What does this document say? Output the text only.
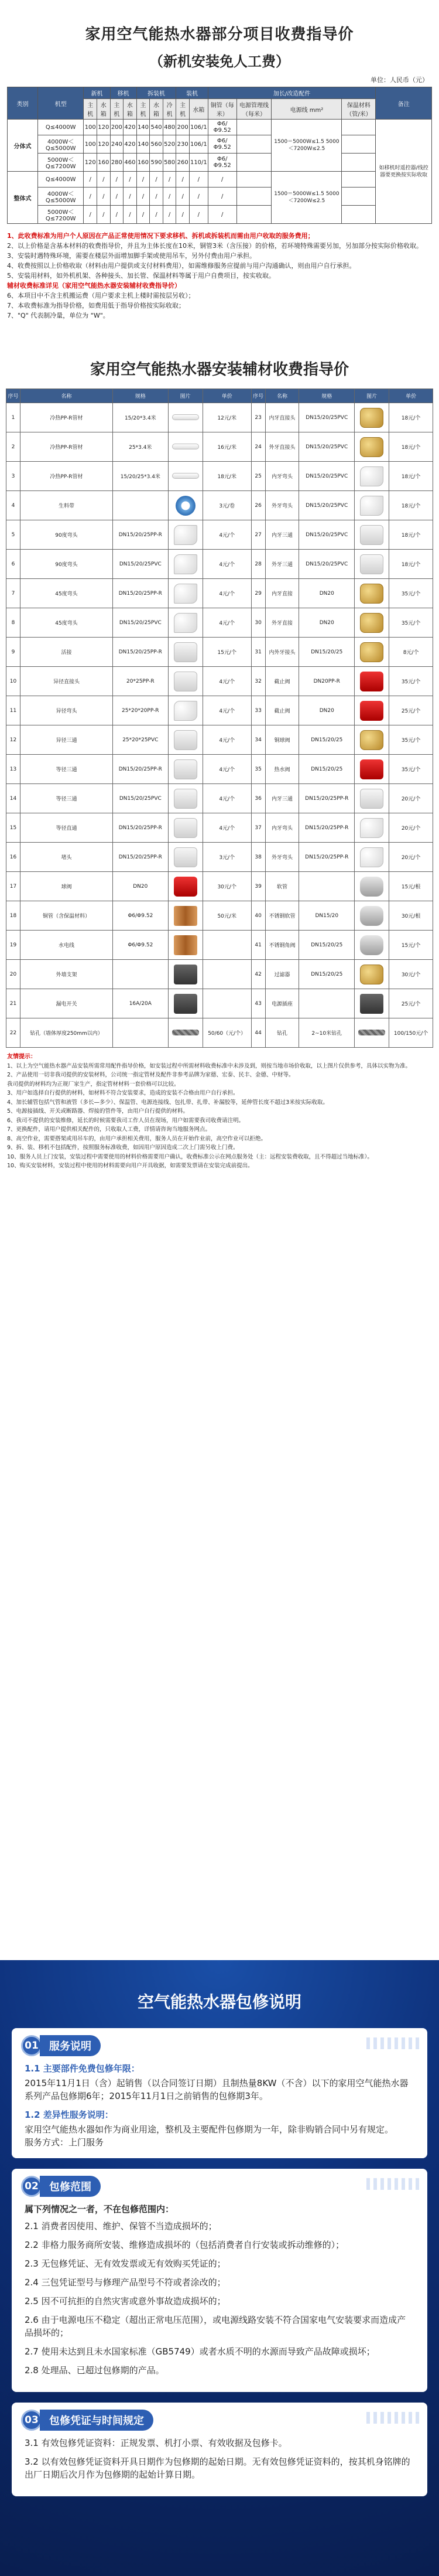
家用空气能热水器部分项目收费指导价
（新机安装免人工费）
单位：人民币（元）
类别	机型	新机		移机		拆装机			装机		加长/改造配件				备注
		主机	水箱	主机	水箱	主机	水箱	冷机	主机	水箱	铜管（每米）	电源管理线（每米）	电源线 mm²	保温材料（管/米）	
分体式	Q≤4000W	100	120	200	420	140	540	480	200	106/1	Φ6/Φ9.52		1500＝5000W≤1.5 5000＜7200W≤2.5		如移机时遥控器/线控器要更换按实际收取
	4000W＜Q≤5000W	100	120	240	420	140	560	520	230	106/1	Φ6/Φ9.52				
	5000W＜Q≤7200W	120	160	280	460	160	590	580	260	110/1	Φ6/Φ9.52				
整体式	Q≤4000W	/	/	/	/	/	/	/	/	/	/		1500＝5000W≤1.5 5000＜7200W≤2.5		
	4000W＜Q≤5000W	/	/	/	/	/	/	/	/	/	/				
	5000W＜Q≤7200W	/	/	/	/	/	/	/	/	/	/				
1、此收费标准为用户个人原因在产品正常使用情况下要求移机、拆机或拆装机而需由用户收取的服务费用；
2、以上价格是含基本材料的收费指导价，并且为主体长度在10米，铜管3米（含压接）的价格，若环境特殊需要另加，另加部分按实际价格收取。
3、安装时遇特殊环境，需要在楼层外面增加脚手架或使用吊车，另外付费由用户承担。
4、收费按照以上价格收取（材料由用户提供或支付材料费用），如需维修服务应提前与用户沟通确认，则由用户自行承担。
5、安装用材料，如外机机架、各种接头、加长管、保温材料等属于用户自费项目，按实收取。
辅材收费标准详见（家用空气能热水器安装辅材收费指导价）
6、本项目中不含主机搬运费（用户要求主机上楼时需按层另收）；
7、本收费标准为指导价格，如费用低于指导价格按实际收取；
7、"Q" 代表制冷量，单位为 "W"。
家用空气能热水器安装辅材收费指导价
序号	名称	规格	图片	单价	序号	名称	规格	图片	单价
1	冷热PP-R管材	15/20*3.4米		12元/米	23	内牙直接头	DN15/20/25PVC		18元/个
2	冷热PP-R管材	25*3.4米		16元/米	24	外牙直接头	DN15/20/25PVC		18元/个
3	冷热PP-R管材	15/20/25*3.4米		18元/米	25	内牙弯头	DN15/20/25PVC		18元/个
4	生料带			3元/卷	26	外牙弯头	DN15/20/25PVC		18元/个
5	90度弯头	DN15/20/25PP-R		4元/个	27	内牙三通	DN15/20/25PVC		18元/个
6	90度弯头	DN15/20/25PVC		4元/个	28	外牙三通	DN15/20/25PVC		18元/个
7	45度弯头	DN15/20/25PP-R		4元/个	29	内牙直接	DN20		35元/个
8	45度弯头	DN15/20/25PVC		4元/个	30	外牙直接	DN20		35元/个
9	活接	DN15/20/25PP-R		15元/个	31	内外牙接头	DN15/20/25		8元/个
10	异径直接头	20*25PP-R		4元/个	32	截止阀	DN20PP-R		35元/个
11	异径弯头	25*20*20PP-R		4元/个	33	截止阀	DN20		25元/个
12	异径三通	25*20*25PVC		4元/个	34	铜球阀	DN15/20/25		35元/个
13	等径三通	DN15/20/25PP-R		4元/个	35	热水阀	DN15/20/25		35元/个
14	等径三通	DN15/20/25PVC		4元/个	36	内牙三通	DN15/20/25PP-R		20元/个
15	等径直通	DN15/20/25PP-R		4元/个	37	内牙弯头	DN15/20/25PP-R		20元/个
16	堵头	DN15/20/25PP-R		3元/个	38	外牙弯头	DN15/20/25PP-R		20元/个
17	球阀	DN20		30元/个	39	软管			15元/根
18	铜管（含保温材料）	Φ6/Φ9.52		50元/米	40	不锈钢软管	DN15/20		30元/根
19	水电线	Φ6/Φ9.52			41	不锈钢角阀	DN15/20/25		15元/个
20	外墙支架				42	过滤器	DN15/20/25		30元/个
21	漏电开关	16A/20A			43	电源插座			25元/个
22	钻孔（墙体厚度250mm以内）			50/60（元/个）	44	钻孔	2~10米钻孔		100/150元/个
友情提示：
1、以上为空气能热水器产品安装所需常用配件指导价格，如安装过程中所需材料收费标准中未涉及到，则按当地市场价收取，以上图片仅供参考，具体以实物为准。
2、产品使用一切非我司提供的安装材料，公司统一指定管材及配件非参考品牌为家德、宏泰、民丰、金德、中财等。
我司提供的材料均为正规厂家生产，指定管材材料一套价格可以比较。
3、用户如选择自行提供的材料，如材料不符合安装要求，造成的安装不合格由用户自行承担。
4、加长辅管包括气管和液管（多长—多少）、保温管、电源连接线、包扎带、扎带、补漏胶等，延伸管长度不超过3米按实际收取。
5、电源接插线、开关或断路器、焊接的管件等，由用户自行提供的材料。
6、我司不提供的安装维修，延长的时候需要我司工作人员在现场，用户如需要我司收费请注明。
7、更换配件，请用户提供相关配件的，只收取人工费，详情请咨询当地服务网点。
8、高空作业，需要搭架或用吊车的，由用户承担相关费用，服务人员在开始作业前，高空作业可以拒绝。
9、拆、装、移机不包括配件，按照服务标准收费，如因用户原因造成二次上门需另收上门费。
10、服务人员上门安装，安装过程中需要使用的材料价格需要用户确认，收费标准公示在网点服务处（主：远程安装费收取，且不得超过当地标准）。
10、购买安装材料，安装过程中使用的材料需要向用户开具收据，如需要发票请在安装完成前提出。
空气能热水器包修说明
01	服务说明
1.1 主要部件免费包修年限：

2015年11月1日（含）起销售（以合同签订日期）且制热量8KW（不含）以下的家用空气能热水器系列产品包修期6年；2015年11月1日之前销售的包修期3年。

1.2 差异性服务说明：

家用空气能热水器如作为商业用途，整机及主要配件包修期为一年，除非购销合同中另有规定。

服务方式：上门服务

02	包修范围
属下列情况之一者，不在包修范围内：

2.1 消费者因使用、维护、保管不当造成损坏的；

2.2 非格力服务商所安装、维修造成损坏的（包括消费者自行安装或拆动维修的）；

2.3 无包修凭证、无有效发票或无有效购买凭证的；

2.4 三包凭证型号与修理产品型号不符或者涂改的；

2.5 因不可抗拒的自然灾害或意外事故造成损坏的；

2.6 由于电源电压不稳定（超出正常电压范围），或电源线路安装不符合国家电气安装要求而造成产品损坏的；

2.7 使用未达到且未水国家标准（GB5749）或者水质不明的水源而导致产品故障或损坏；

2.8 处理品、已超过包修期的产品。

03	包修凭证与时间规定

3.1 有效包修凭证资料：正规发票、机打小票、有效收据及包修卡。

3.2 以有效包修凭证资料开具日期作为包修期的起始日期。无有效包修凭证资料的，按其机身铭牌的出厂日期后次月作为包修期的起始计算日期。
